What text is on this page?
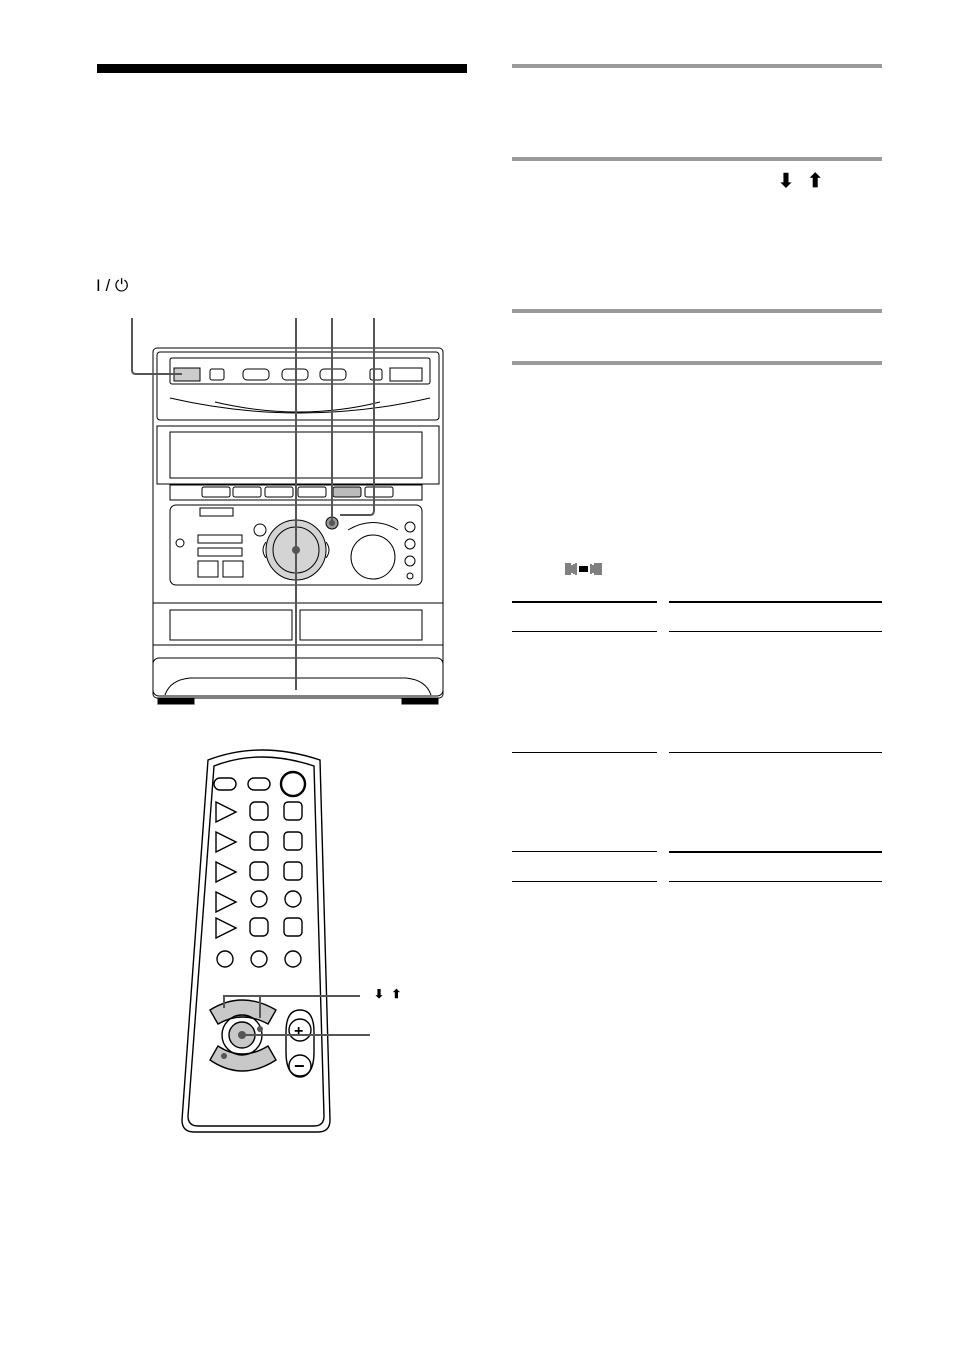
⬇ ⬆
I / ⏻
+
−
⬇ ⬆
